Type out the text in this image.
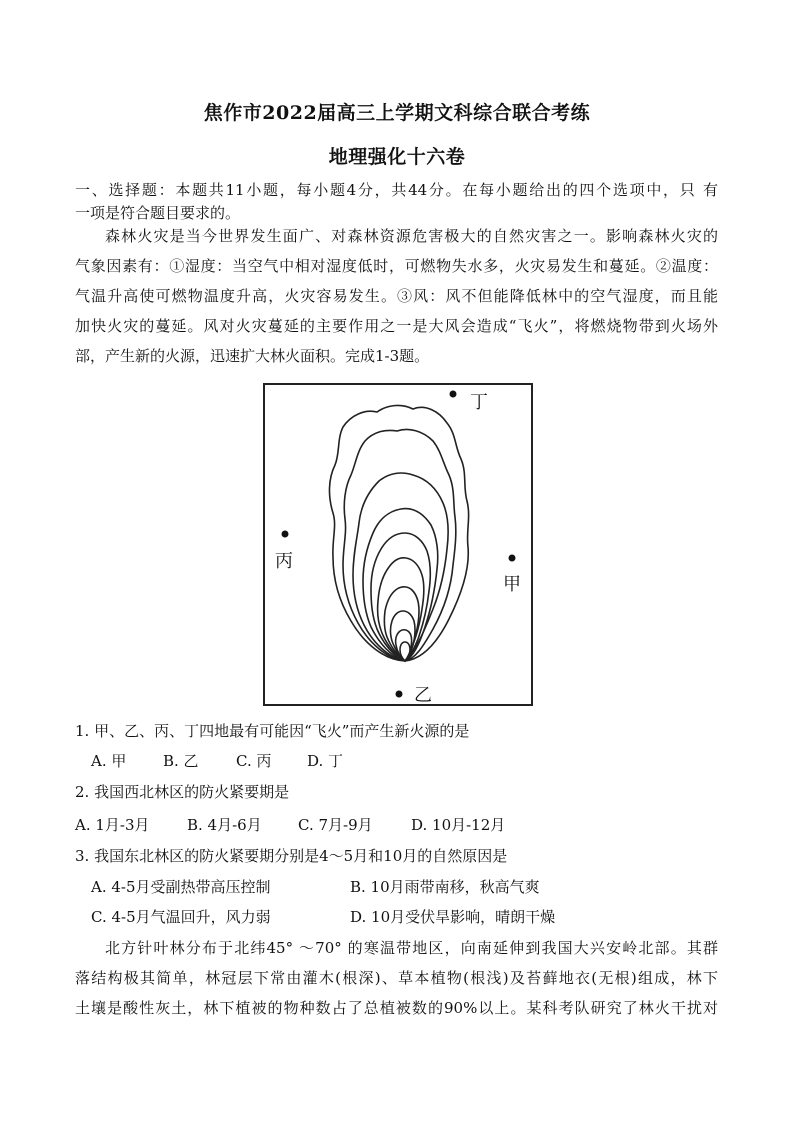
焦作市2022届高三上学期文科综合联合考练
地理强化十六卷
一、选择题：本题共11小题，每小题4分，共44分。在每小题给出的四个选项中，只 有
一项是符合题目要求的。
森林火灾是当今世界发生面广、对森林资源危害极大的自然灾害之一。影响森林火灾的
气象因素有：①湿度：当空气中相对湿度低时，可燃物失水多，火灾易发生和蔓延。②温度：
气温升高使可燃物温度升高，火灾容易发生。③风：风不但能降低林中的空气湿度，而且能
加快火灾的蔓延。风对火灾蔓延的主要作用之一是大风会造成“飞火”，将燃烧物带到火场外
部，产生新的火源，迅速扩大林火面积。完成1-3题。
丁
丙
甲
乙
1. 甲、乙、丙、丁四地最有可能因“飞火”而产生新火源的是
A. 甲 B. 乙 C. 丙 D. 丁
2. 我国西北林区的防火紧要期是
A. 1月-3月 B. 4月-6月 C. 7月-9月	D. 10月-12月
3. 我国东北林区的防火紧要期分别是4～5月和10月的自然原因是
A. 4-5月受副热带高压控制	B. 10月雨带南移，秋高气爽
C. 4-5月气温回升，风力弱	D. 10月受伏旱影响，晴朗干燥
北方针叶林分布于北纬45° ～70° 的寒温带地区，向南延伸到我国大兴安岭北部。其群
落结构极其简单，林冠层下常由灌木(根深)、草本植物(根浅)及苔藓地衣(无根)组成，林下
土壤是酸性灰土，林下植被的物种数占了总植被数的90%以上。某科考队研究了林火干扰对
